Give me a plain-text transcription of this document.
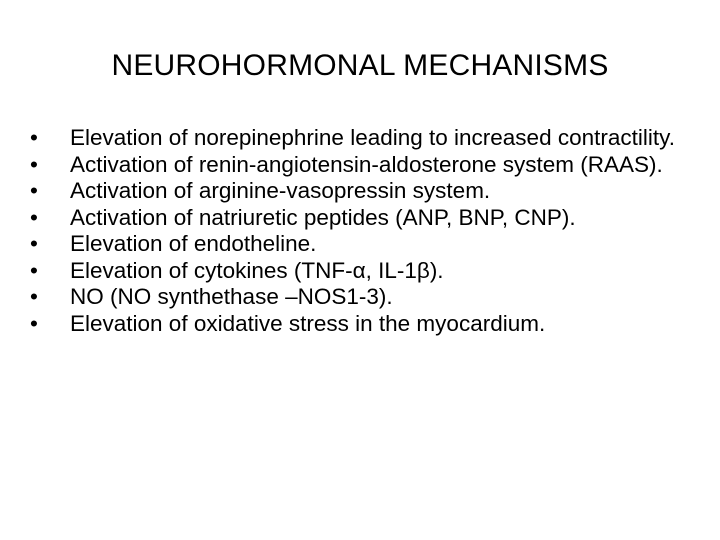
NEUROHORMONAL MECHANISMS
•	Elevation of norepinephrine leading to increased contractility.
•	Activation of renin-angiotensin-aldosterone system (RAAS).
•	Activation of arginine-vasopressin system.
•	Activation of natriuretic peptides (ANP, BNP, CNP).
•	Elevation of endotheline.
•	Elevation of cytokines (TNF-α, IL-1β).
•	NO (NO synthethase –NOS1-3).
•	Elevation of oxidative stress in the myocardium.
